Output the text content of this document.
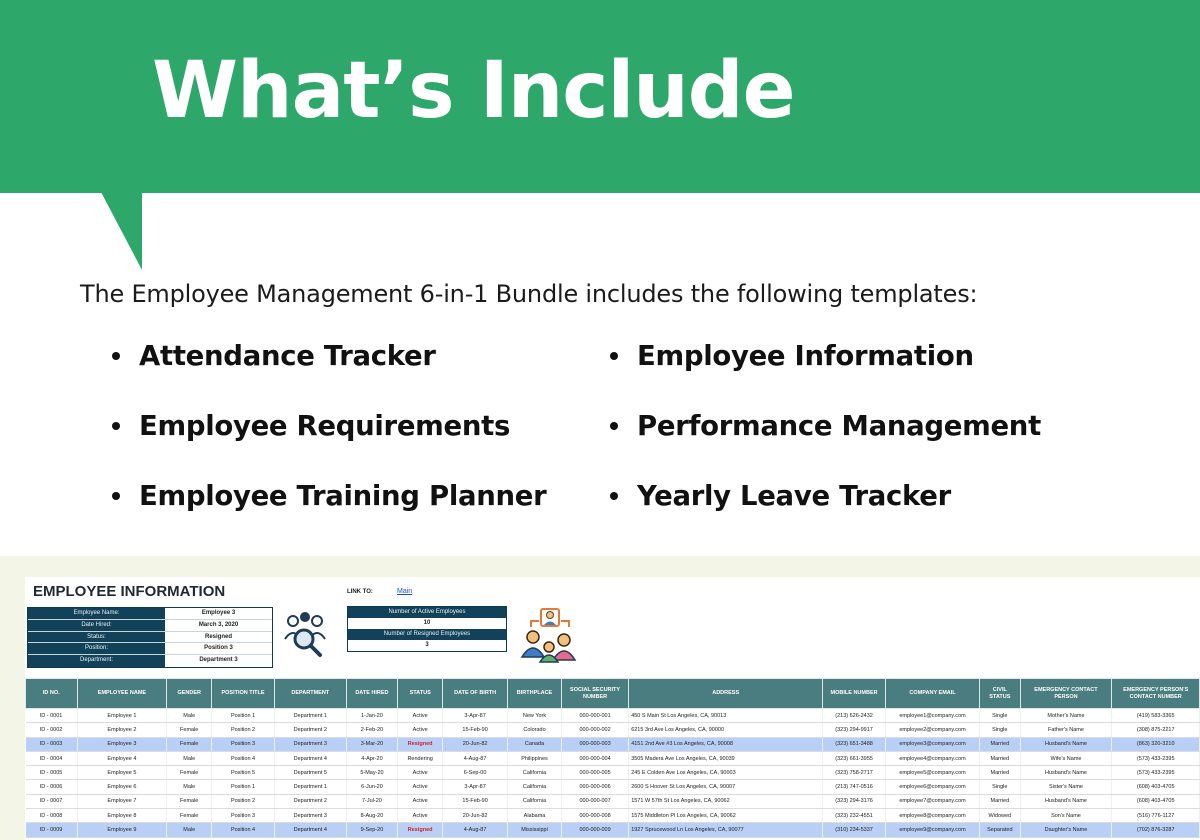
What’s Include
The Employee Management 6-in-1 Bundle includes the following templates:
Attendance Tracker	Employee Information
Employee Requirements	Performance Management
Employee Training Planner	Yearly Leave Tracker
EMPLOYEE INFORMATION	LINK TO:	Main
Employee Name:	Employee 3
Date Hired:	March 3, 2020
Status:	Resigned
Position:	Position 3
Department:	Department 3
Number of Active Employees
10
Number of Resigned Employees
3
ID NO.	EMPLOYEE NAME	GENDER	POSITION TITLE	DEPARTMENT	DATE HIRED	STATUS	DATE OF BIRTH	BIRTHPLACE	SOCIAL SECURITY NUMBER	ADDRESS	MOBILE NUMBER	COMPANY EMAIL	CIVIL STATUS	EMERGENCY CONTACT PERSON	EMERGENCY PERSON'S CONTACT NUMBER
ID - 0001	Employee 1	Male	Position 1	Department 1	1-Jan-20	Active	3-Apr-87	New York	000-000-001	450 S Main St Los Angeles, CA, 90013	(213) 626-2432	employee1@company.com	Single	Mother's Name	(419) 583-3365
ID - 0002	Employee 2	Female	Position 2	Department 2	2-Feb-20	Active	15-Feb-90	Colorado	000-000-002	6215 3rd Ave Los Angeles, CA, 90000	(323) 294-9917	employee2@company.com	Single	Father's Name	(308) 875-2217
ID - 0003	Employee 3	Female	Position 3	Department 3	3-Mar-20	Resigned	20-Jun-82	Canada	000-000-003	4151 2nd Ave #3 Los Angeles, CA, 90008	(323) 651-3488	employee3@company.com	Married	Husband's Name	(863) 320-3210
ID - 0004	Employee 4	Male	Position 4	Department 4	4-Apr-20	Rendering	4-Aug-87	Philippines	000-000-004	3505 Madera Ave Los Angeles, CA, 90039	(323) 661-3955	employee4@company.com	Married	Wife's Name	(573) 433-2395
ID - 0005	Employee 5	Female	Position 5	Department 5	5-May-20	Active	6-Sep-00	California	000-000-005	245 E Colden Ave Los Angeles, CA, 90003	(323) 758-2717	employee5@company.com	Married	Husband's Name	(573) 433-2395
ID - 0006	Employee 6	Male	Position 1	Department 1	6-Jun-20	Active	3-Apr-87	California	000-000-006	2600 S Hoover St Los Angeles, CA, 90007	(213) 747-0516	employee6@company.com	Single	Sister's Name	(608) 403-4705
ID - 0007	Employee 7	Female	Position 2	Department 2	7-Jul-20	Active	15-Feb-90	California	000-000-007	1571 W 57th St Los Angeles, CA, 90062	(323) 294-3176	employee7@company.com	Married	Husband's Name	(608) 403-4705
ID - 0008	Employee 8	Female	Position 3	Department 3	8-Aug-20	Active	20-Jun-82	Alabama	000-000-008	1575 Middleton Pl Los Angeles, CA, 90062	(323) 232-4551	employee8@company.com	Widowed	Son's Name	(516) 776-1127
ID - 0009	Employee 9	Male	Position 4	Department 4	9-Sep-20	Resigned	4-Aug-87	Mississippi	000-000-009	1927 Sprucewood Ln Los Angeles, CA, 90077	(310) 234-5337	employee9@company.com	Separated	Daughter's Name	(702) 876-3287
